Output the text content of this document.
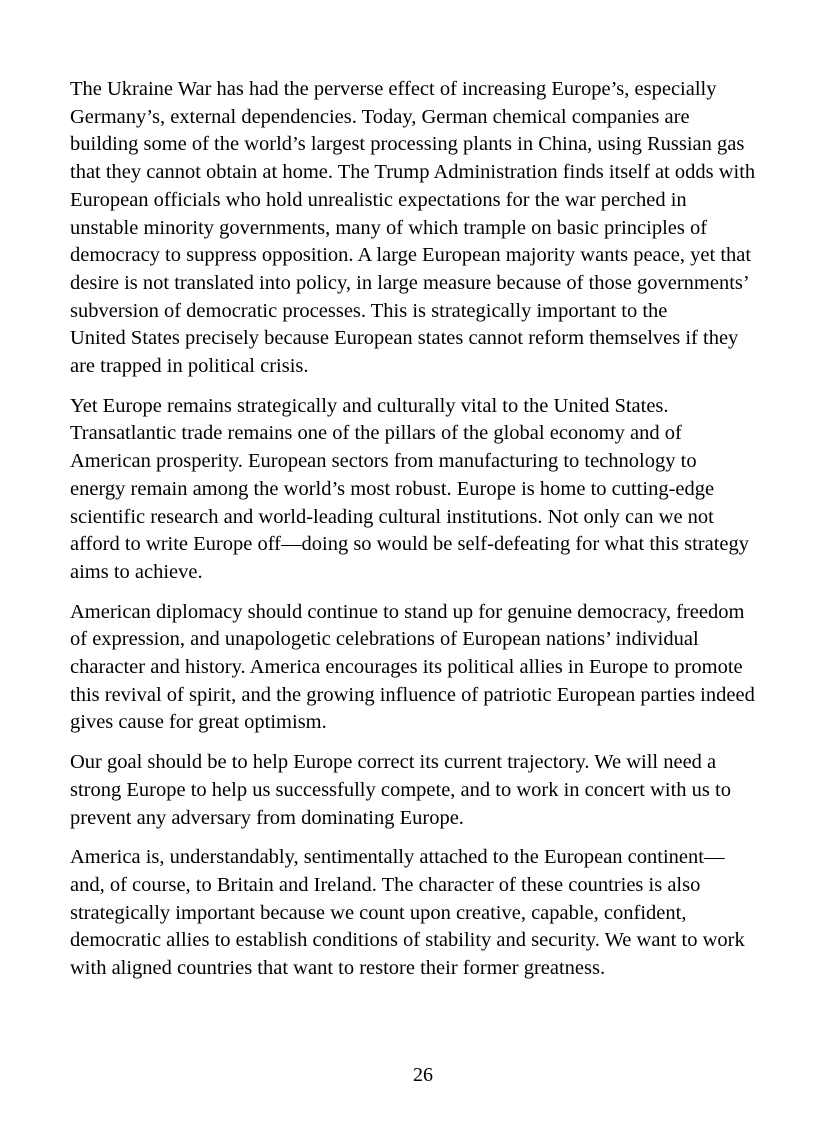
The Ukraine War has had the perverse effect of increasing Europe’s, especially
Germany’s, external dependencies. Today, German chemical companies are
building some of the world’s largest processing plants in China, using Russian gas
that they cannot obtain at home. The Trump Administration finds itself at odds with
European officials who hold unrealistic expectations for the war perched in
unstable minority governments, many of which trample on basic principles of
democracy to suppress opposition. A large European majority wants peace, yet that
desire is not translated into policy, in large measure because of those governments’
subversion of democratic processes. This is strategically important to the
United States precisely because European states cannot reform themselves if they
are trapped in political crisis.

Yet Europe remains strategically and culturally vital to the United States.
Transatlantic trade remains one of the pillars of the global economy and of
American prosperity. European sectors from manufacturing to technology to
energy remain among the world’s most robust. Europe is home to cutting-edge
scientific research and world-leading cultural institutions. Not only can we not
afford to write Europe off—doing so would be self-defeating for what this strategy
aims to achieve.

American diplomacy should continue to stand up for genuine democracy, freedom
of expression, and unapologetic celebrations of European nations’ individual
character and history. America encourages its political allies in Europe to promote
this revival of spirit, and the growing influence of patriotic European parties indeed
gives cause for great optimism.

Our goal should be to help Europe correct its current trajectory. We will need a
strong Europe to help us successfully compete, and to work in concert with us to
prevent any adversary from dominating Europe.

America is, understandably, sentimentally attached to the European continent—
and, of course, to Britain and Ireland. The character of these countries is also
strategically important because we count upon creative, capable, confident,
democratic allies to establish conditions of stability and security. We want to work
with aligned countries that want to restore their former greatness.

26
